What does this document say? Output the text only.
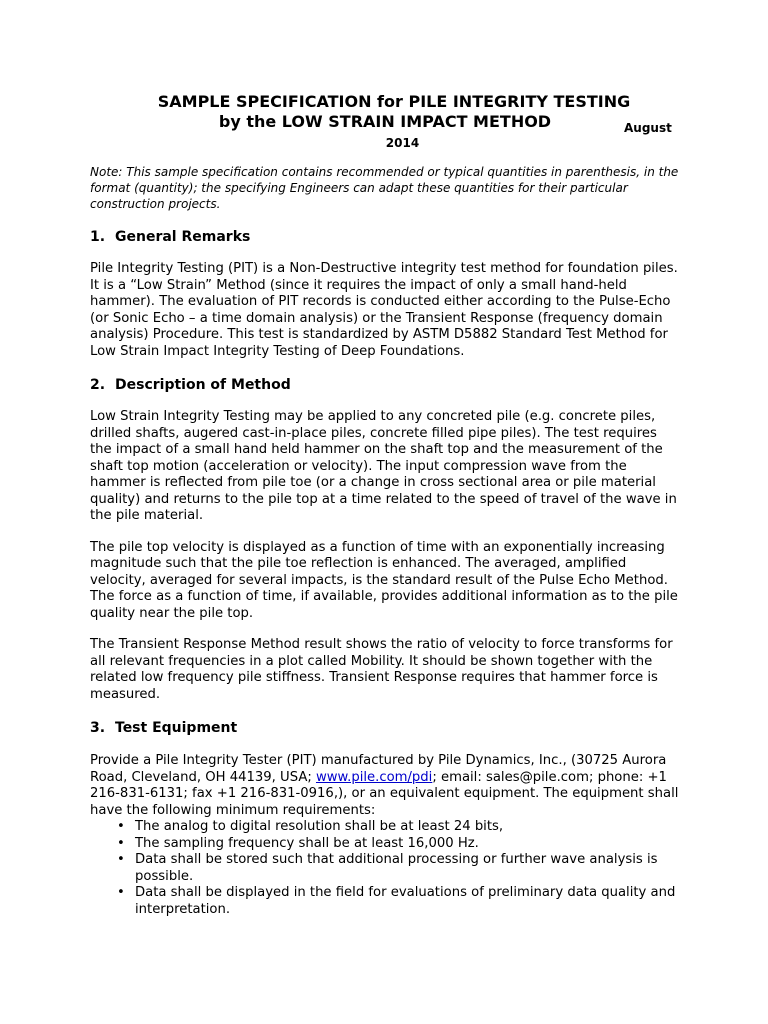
SAMPLE SPECIFICATION for PILE INTEGRITY TESTING
by the LOW STRAIN IMPACT METHOD	August
2014
Note: This sample specification contains recommended or typical quantities in parenthesis, in the format (quantity); the specifying Engineers can adapt these quantities for their particular construction projects.
1. General Remarks

Pile Integrity Testing (PIT) is a Non-Destructive integrity test method for foundation piles. It is a “Low Strain” Method (since it requires the impact of only a small hand-held hammer). The evaluation of PIT records is conducted either according to the Pulse-Echo (or Sonic Echo – a time domain analysis) or the Transient Response (frequency domain analysis) Procedure. This test is standardized by ASTM D5882 Standard Test Method for Low Strain Impact Integrity Testing of Deep Foundations.

2. Description of Method

Low Strain Integrity Testing may be applied to any concreted pile (e.g. concrete piles, drilled shafts, augered cast-in-place piles, concrete filled pipe piles). The test requires the impact of a small hand held hammer on the shaft top and the measurement of the shaft top motion (acceleration or velocity). The input compression wave from the hammer is reflected from pile toe (or a change in cross sectional area or pile material quality) and returns to the pile top at a time related to the speed of travel of the wave in the pile material.

The pile top velocity is displayed as a function of time with an exponentially increasing magnitude such that the pile toe reflection is enhanced. The averaged, amplified velocity, averaged for several impacts, is the standard result of the Pulse Echo Method. The force as a function of time, if available, provides additional information as to the pile quality near the pile top.

The Transient Response Method result shows the ratio of velocity to force transforms for all relevant frequencies in a plot called Mobility. It should be shown together with the related low frequency pile stiffness. Transient Response requires that hammer force is measured.

3. Test Equipment

Provide a Pile Integrity Tester (PIT) manufactured by Pile Dynamics, Inc., (30725 Aurora Road, Cleveland, OH 44139, USA; www.pile.com/pdi; email: sales@pile.com; phone: +1 216-831-6131; fax +1 216-831-0916,), or an equivalent equipment. The equipment shall have the following minimum requirements:

• The analog to digital resolution shall be at least 24 bits,
• The sampling frequency shall be at least 16,000 Hz.
• Data shall be stored such that additional processing or further wave analysis is possible.
• Data shall be displayed in the field for evaluations of preliminary data quality and interpretation.
